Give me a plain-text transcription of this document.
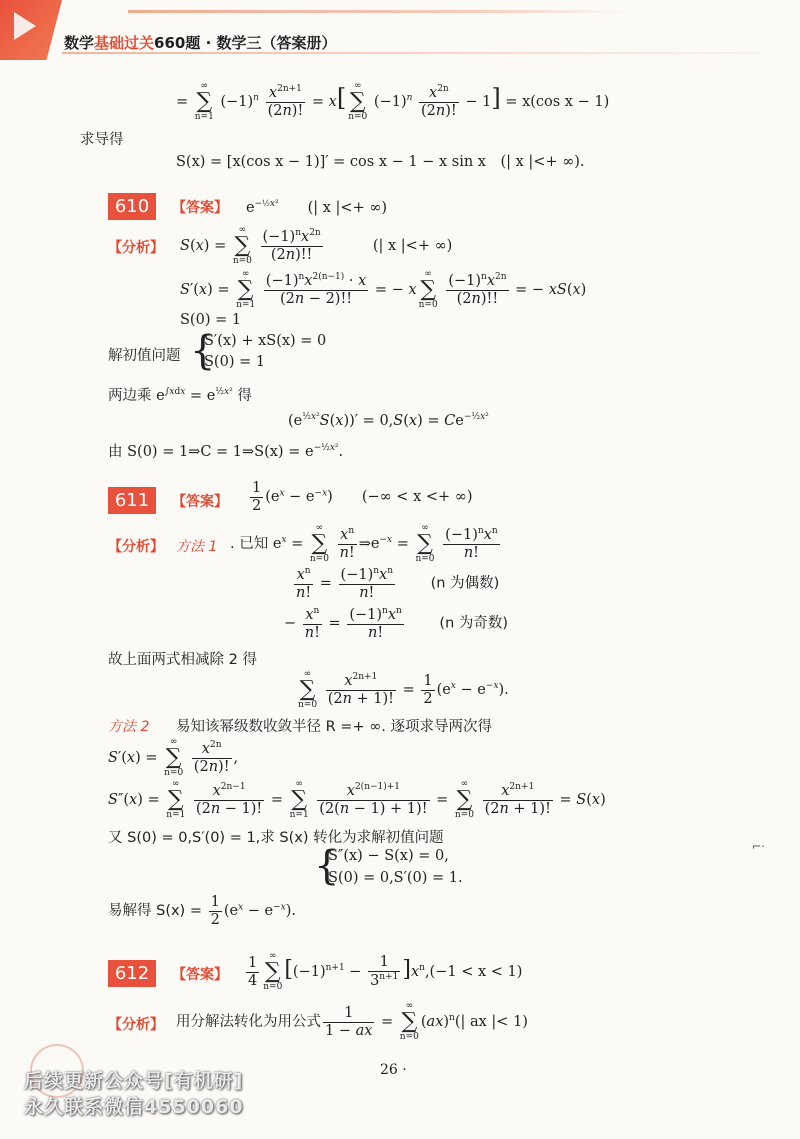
数学基础过关660题 · 数学三（答案册）
=
∞
∑
n=1
$(-1)^n \frac{x^{2n+1}}{(2n)!} = x$[ ∞
∑
n=0
$(-1)^n \frac{x^{2n}}{(2n)!} - 1] = x(\cos$ x − 1)
求导得
S(x) = [x(cos x − 1)]′ = cos x − 1 − x sin x　(| x |<+ ∞).
610	【答案】 $e^{-\frac{1}{2}x^2}$　　 (| x |<+ ∞)
【分析】 S(x) =
∞
∑
n=0
$\frac{(-1)^nx^{2n}}{(2n)!!}$
　　　	(| x |<+ ∞)
S′(x) =
∞
∑
n=1
$\frac{(-1)^nx^{2(n-1)} \cdot x}{(2n - 2)!!}$ = − x
∞
∑
n=0
$\frac{(-1)^nx^{2n}}{(2n)!!}$ = − xS(x)
S(0) = 1
解初值问题 {
S′(x) + xS(x) = 0
S(0) = 1
两边乘 $e^{\int xdx} = e^{\frac{1}{2}x^2}$ 得
$(e^{\frac{1}{2}x^2}S(x))' = 0,S(x) = Ce^{-\frac{1}{2}x^2}$
由 S(0) = 1⇒C = 1⇒S(x) = $e^{-\frac{1}{2}x^2}$.
611	【答案】 $\frac{1}{2} (e^x - e^{-x})$　　(−∞ < x <+ ∞)
【分析】 方法 1 . 已知 $e^x$ =
∞
∑
n=0
$\frac{x^n}{n!}$ $\Rightarrow e^{-x}$ =
∞
∑
n=0
$\frac{(-1)^nx^n}{n!}$
$\frac{x^n}{n!} = \frac{(-1)^nx^n}{n!}$
　　 (n 为偶数)
− $\frac{x^n}{n!} = \frac{(-1)^nx^n}{n!}$
　　 (n 为奇数)
故上面两式相减除 2 得
∞
∑
n=0
$\frac{x^{2n+1}}{(2n + 1)!} = \frac{1}{2} (e^x - e^{-x})$.
方法 2 易知该幂级数收敛半径 R =+ ∞. 逐项求导两次得
S′(x) =
∞
∑
n=0
$\frac{x^{2n}}{(2n)!}$ ,
S″(x) =
∞
∑
n=1
$\frac{x^{2n-1}}{(2n - 1)!}$ =
∞
∑
n=1
$\frac{x^{2(n-1)+1}}{(2(n - 1) + 1)!}$ =
∞
∑
n=0
$\frac{x^{2n+1}}{(2n + 1)!} = S(x)$
又 S(0) = 0,S′(0) = 1,求 S(x) 转化为求解初值问题
{
S″(x) − S(x) = 0,
S(0) = 0,S′(0) = 1.
易解得 $S(x) = \frac{1}{2} (e^x - e^{-x})$.
612	【答案】 $\frac{1}{4}$	∞
∑
n=0
$[(-1)^{n+1} - \frac{1}{3^{n+1}} ]x^n,(-1 < x < 1)$
【分析】 用分解法转化为用公式 $\frac{1}{1 - ax}$ =
∞
∑
n=0
(ax)$^n$(| ax |< 1)
26 ·
后续更新公众号[有机研]
永久联系微信4550060
⌐·
